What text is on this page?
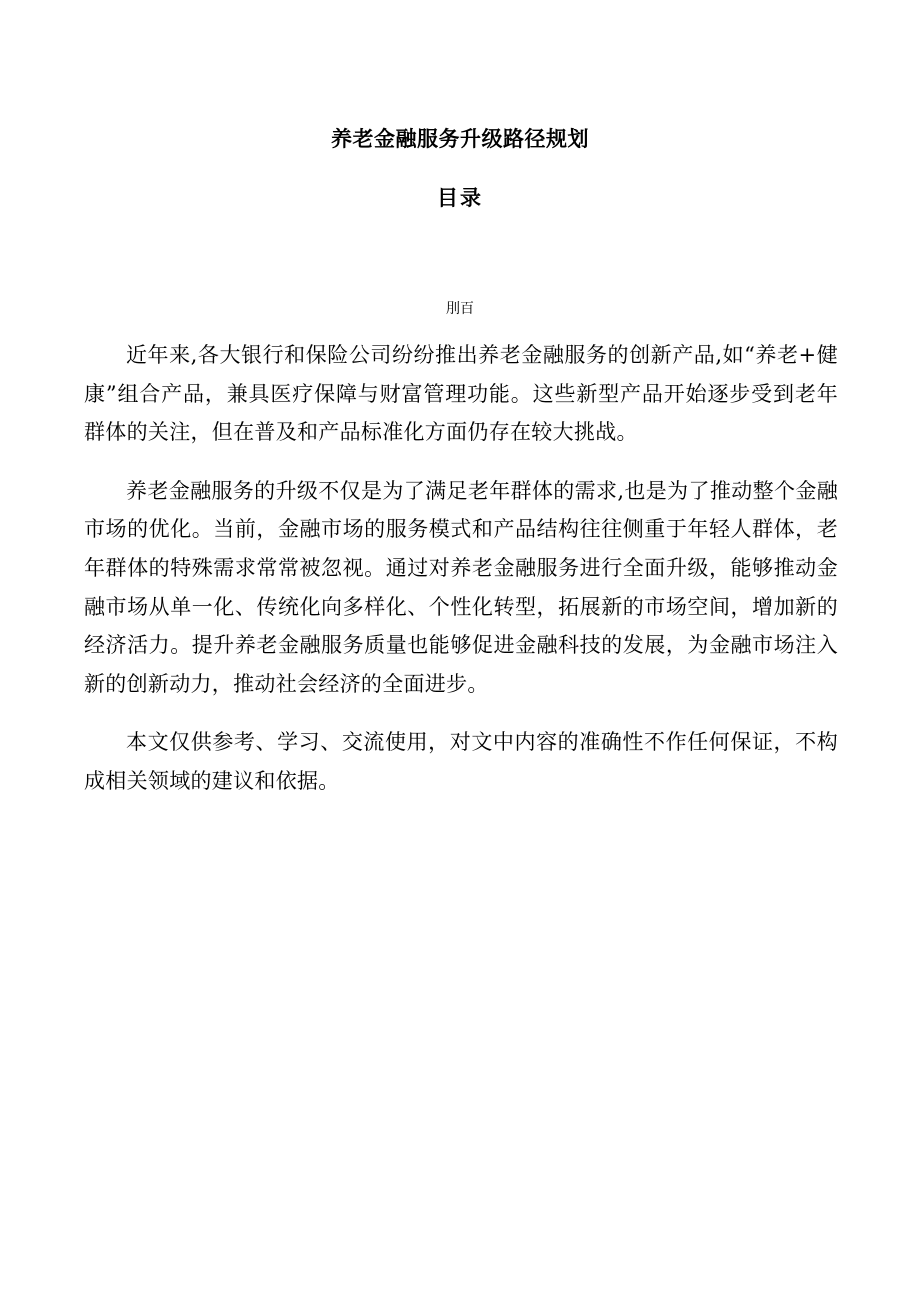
养老金融服务升级路径规划
目录
刖百

近年来,各大银行和保险公司纷纷推出养老金融服务的创新产品,如“养老+健康”组合产品，兼具医疗保障与财富管理功能。这些新型产品开始逐步受到老年群体的关注，但在普及和产品标准化方面仍存在较大挑战。

养老金融服务的升级不仅是为了满足老年群体的需求,也是为了推动整个金融市场的优化。当前，金融市场的服务模式和产品结构往往侧重于年轻人群体，老年群体的特殊需求常常被忽视。通过对养老金融服务进行全面升级，能够推动金融市场从单一化、传统化向多样化、个性化转型，拓展新的市场空间，增加新的经济活力。提升养老金融服务质量也能够促进金融科技的发展，为金融市场注入新的创新动力，推动社会经济的全面进步。

本文仅供参考、学习、交流使用，对文中内容的准确性不作任何保证，不构成相关领域的建议和依据。
